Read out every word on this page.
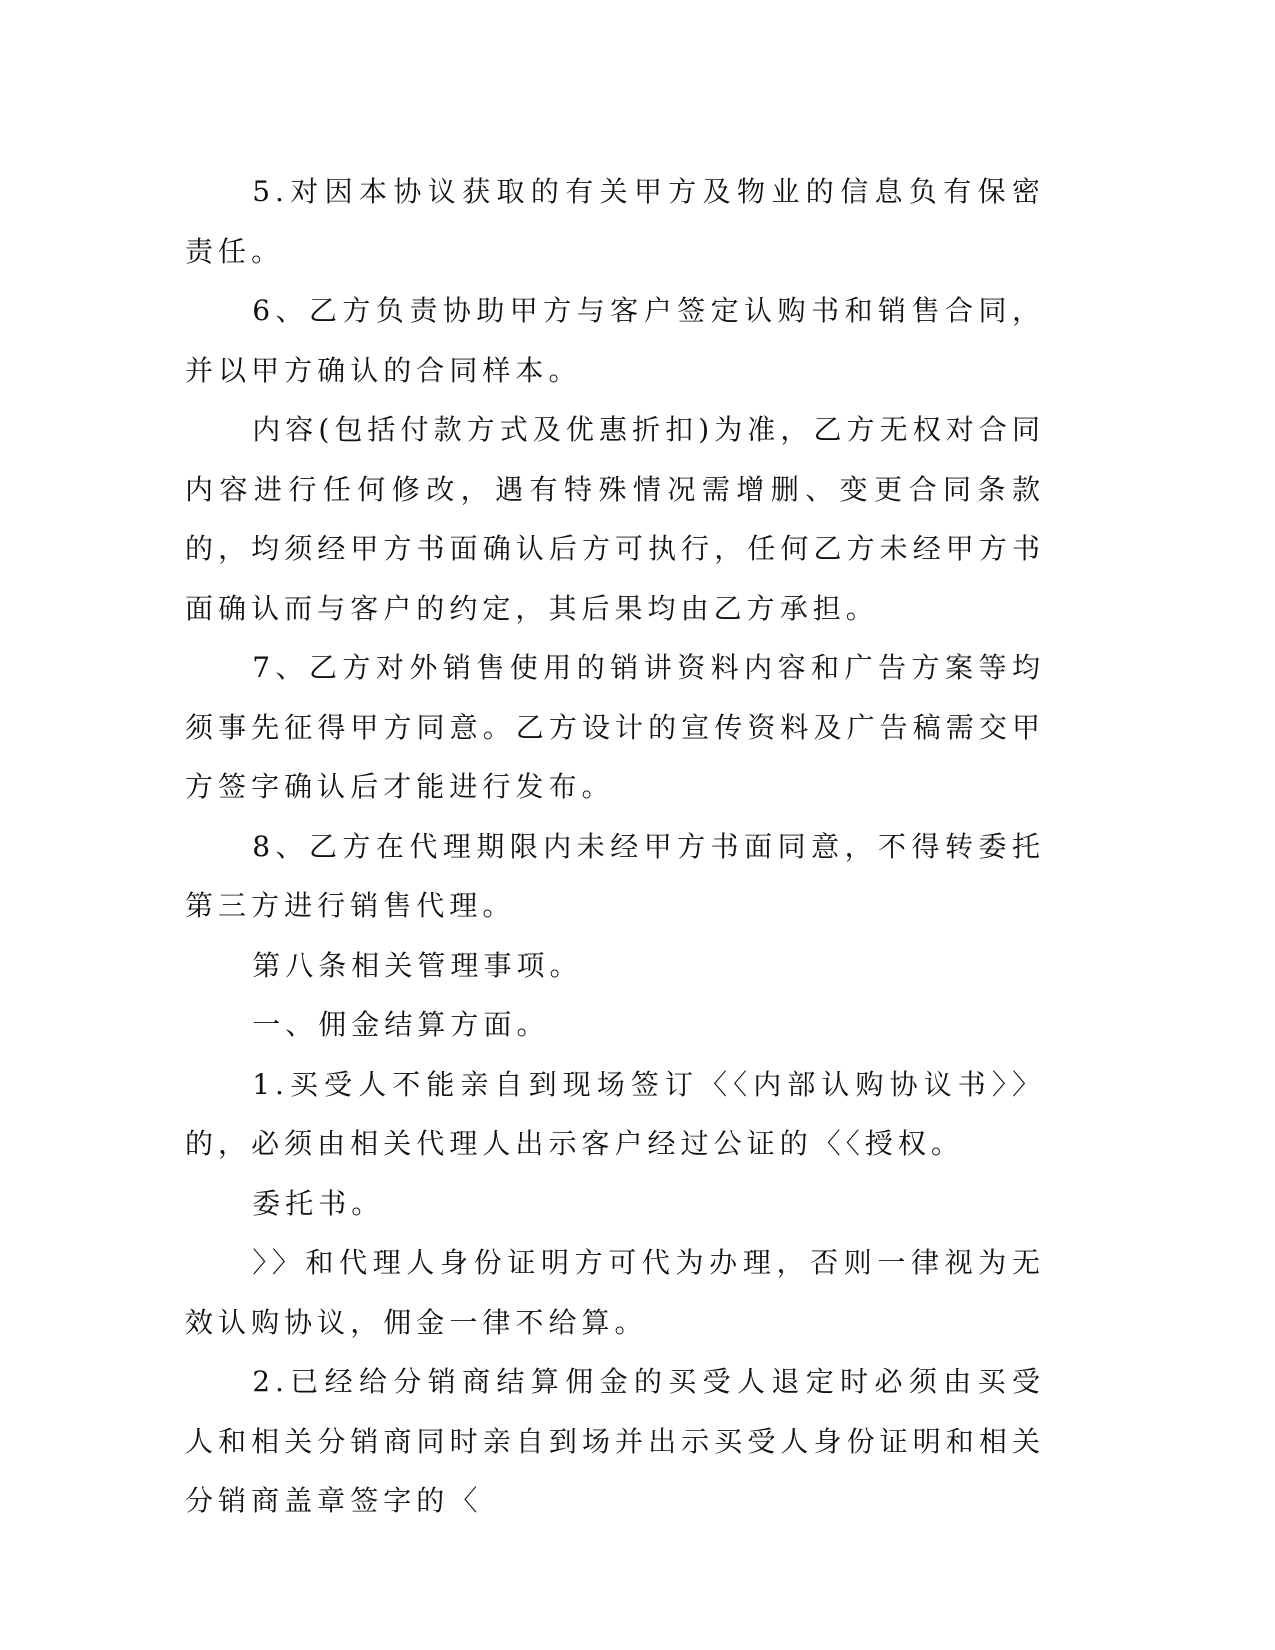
5.对因本协议获取的有关甲方及物业的信息负有保密责任。

6、乙方负责协助甲方与客户签定认购书和销售合同，并以甲方确认的合同样本。

内容(包括付款方式及优惠折扣)为准，乙方无权对合同内容进行任何修改，遇有特殊情况需增删、变更合同条款的，均须经甲方书面确认后方可执行，任何乙方未经甲方书面确认而与客户的约定，其后果均由乙方承担。

7、乙方对外销售使用的销讲资料内容和广告方案等均须事先征得甲方同意。乙方设计的宣传资料及广告稿需交甲方签字确认后才能进行发布。

8、乙方在代理期限内未经甲方书面同意，不得转委托第三方进行销售代理。

第八条相关管理事项。

一、佣金结算方面。

1.买受人不能亲自到现场签订〈〈内部认购协议书〉〉的，必须由相关代理人出示客户经过公证的〈〈授权。

委托书。

〉〉和代理人身份证明方可代为办理，否则一律视为无效认购协议，佣金一律不给算。

2.已经给分销商结算佣金的买受人退定时必须由买受人和相关分销商同时亲自到场并出示买受人身份证明和相关分销商盖章签字的〈
